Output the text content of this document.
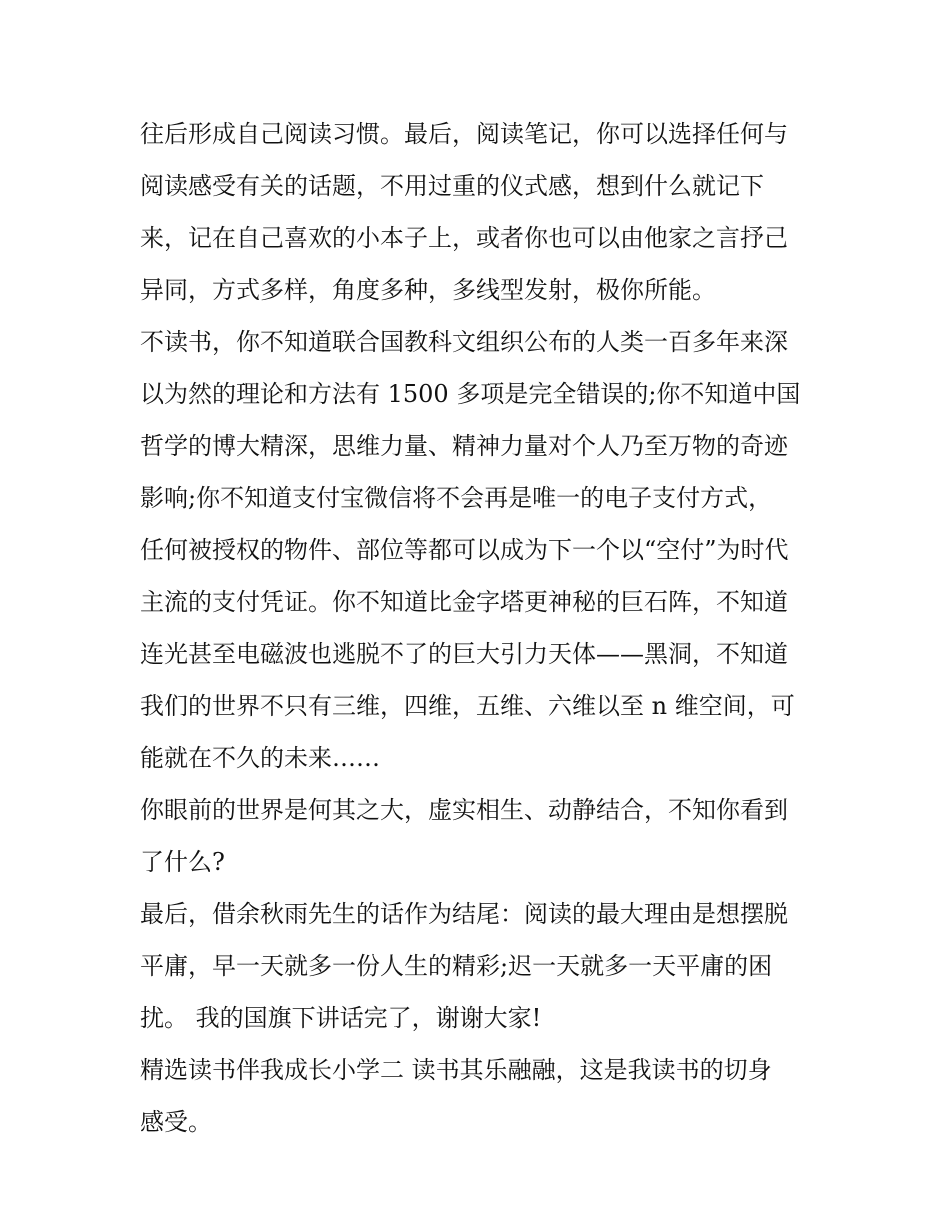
往后形成自己阅读习惯。最后，阅读笔记，你可以选择任何与
阅读感受有关的话题，不用过重的仪式感，想到什么就记下
来，记在自己喜欢的小本子上，或者你也可以由他家之言抒己
异同，方式多样，角度多种，多线型发射，极你所能。
不读书，你不知道联合国教科文组织公布的人类一百多年来深
以为然的理论和方法有 1500 多项是完全错误的;你不知道中国
哲学的博大精深，思维力量、精神力量对个人乃至万物的奇迹
影响;你不知道支付宝微信将不会再是唯一的电子支付方式，
任何被授权的物件、部位等都可以成为下一个以“空付”为时代
主流的支付凭证。你不知道比金字塔更神秘的巨石阵，不知道
连光甚至电磁波也逃脱不了的巨大引力天体——黑洞，不知道
我们的世界不只有三维，四维，五维、六维以至 n 维空间，可
能就在不久的未来……
你眼前的世界是何其之大，虚实相生、动静结合，不知你看到
了什么?
最后，借余秋雨先生的话作为结尾：阅读的最大理由是想摆脱
平庸，早一天就多一份人生的精彩;迟一天就多一天平庸的困
扰。 我的国旗下讲话完了，谢谢大家!
精选读书伴我成长小学二 读书其乐融融，这是我读书的切身
感受。
